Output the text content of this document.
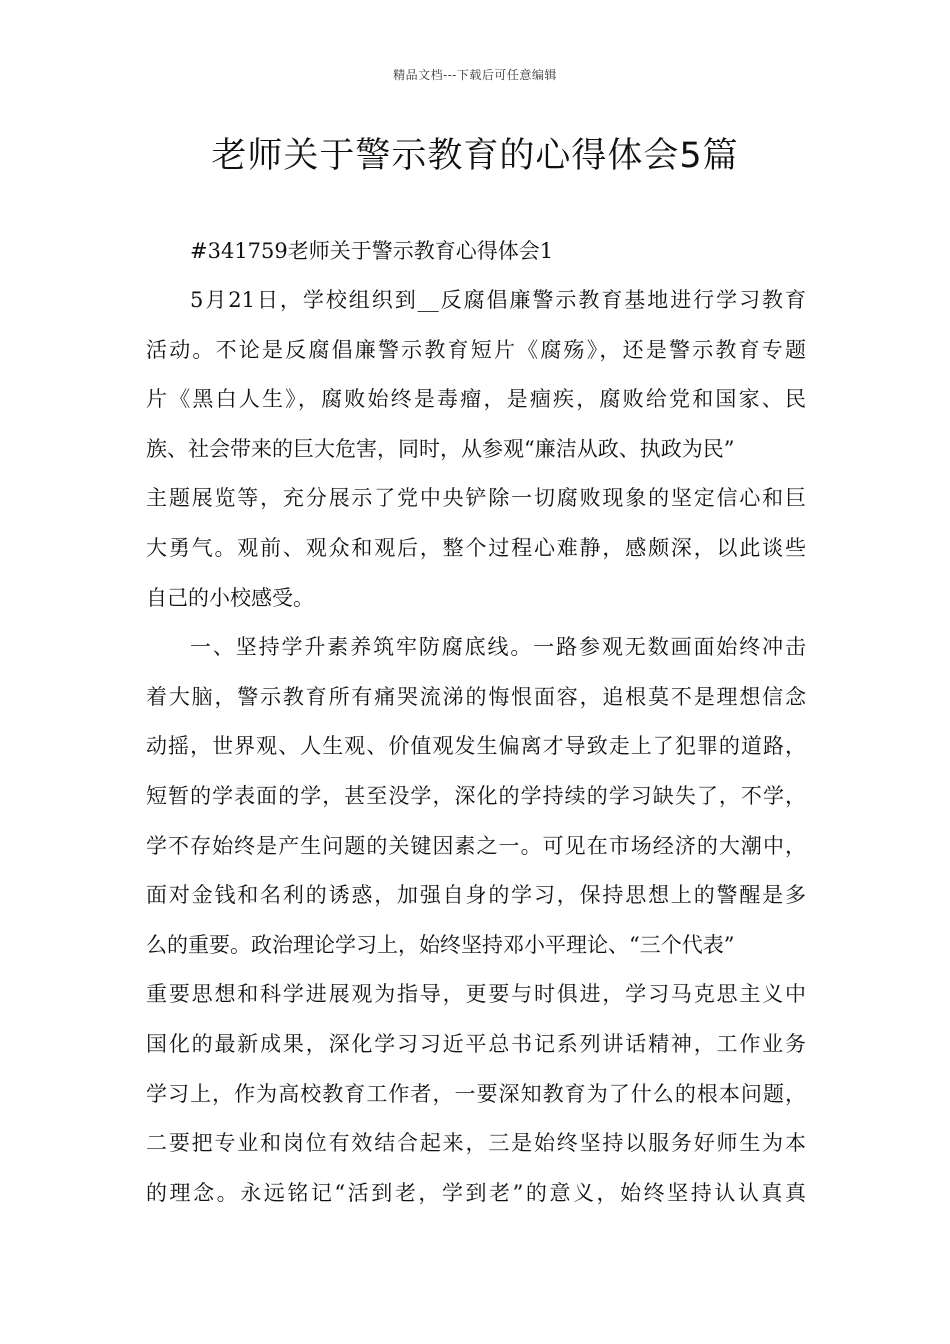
精品文档---下载后可任意编辑
老师关于警示教育的心得体会5篇
#341759老师关于警示教育心得体会1
5月21日，学校组织到__反腐倡廉警示教育基地进行学习教育
活动。不论是反腐倡廉警示教育短片《腐殇》，还是警示教育专题
片《黑白人生》，腐败始终是毒瘤，是痼疾，腐败给党和国家、民
族、社会带来的巨大危害，同时，从参观“廉洁从政、执政为民”
主题展览等，充分展示了党中央铲除一切腐败现象的坚定信心和巨
大勇气。观前、观众和观后，整个过程心难静，感颇深，以此谈些
自己的小校感受。
一、坚持学升素养筑牢防腐底线。一路参观无数画面始终冲击
着大脑，警示教育所有痛哭流涕的悔恨面容，追根莫不是理想信念
动摇，世界观、人生观、价值观发生偏离才导致走上了犯罪的道路，
短暂的学表面的学，甚至没学，深化的学持续的学习缺失了，不学，
学不存始终是产生问题的关键因素之一。可见在市场经济的大潮中，
面对金钱和名利的诱惑，加强自身的学习，保持思想上的警醒是多
么的重要。政治理论学习上，始终坚持邓小平理论、“三个代表”
重要思想和科学进展观为指导，更要与时俱进，学习马克思主义中
国化的最新成果，深化学习习近平总书记系列讲话精神，工作业务
学习上，作为高校教育工作者，一要深知教育为了什么的根本问题，
二要把专业和岗位有效结合起来，三是始终坚持以服务好师生为本
的理念。永远铭记“活到老，学到老”的意义，始终坚持认认真真
